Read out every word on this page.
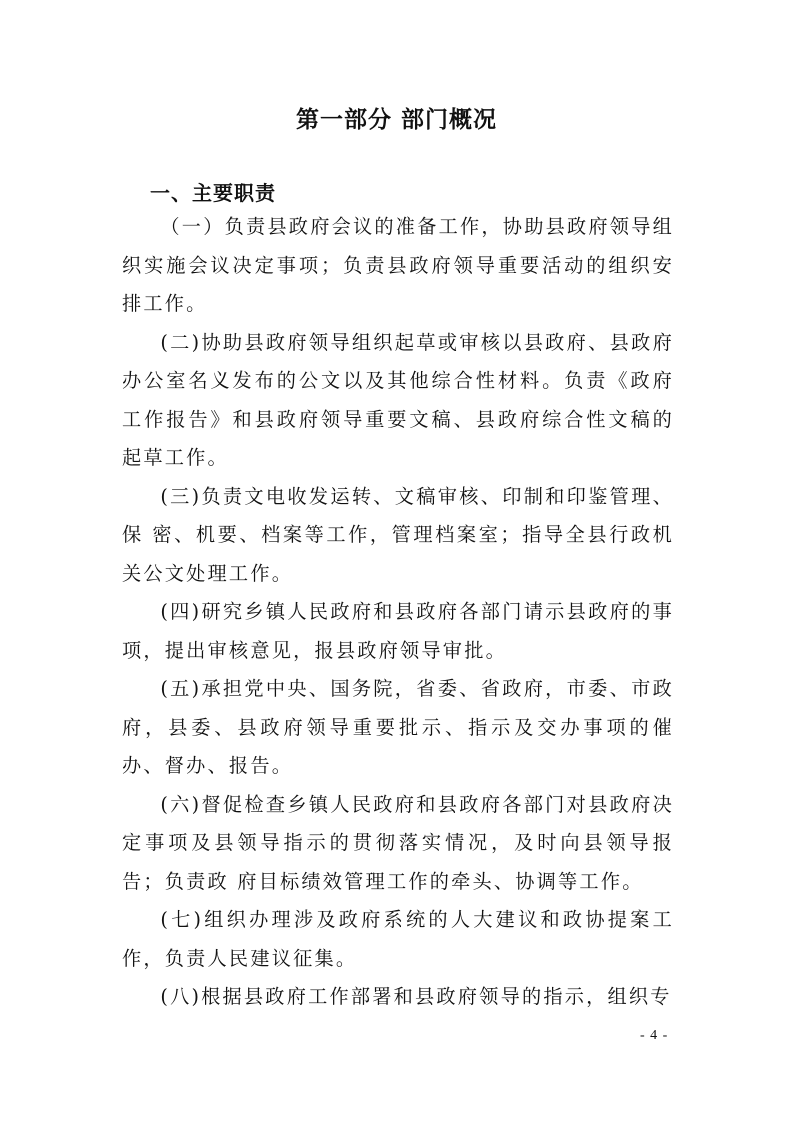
第一部分 部门概况
一、主要职责

（一）负责县政府会议的准备工作，协助县政府领导组织实施会议决定事项；负责县政府领导重要活动的组织安排工作。

(二)协助县政府领导组织起草或审核以县政府、县政府办公室名义发布的公文以及其他综合性材料。负责《政府工作报告》和县政府领导重要文稿、县政府综合性文稿的起草工作。

(三)负责文电收发运转、文稿审核、印制和印鉴管理、保 密、机要、档案等工作，管理档案室；指导全县行政机关公文处理工作。

(四)研究乡镇人民政府和县政府各部门请示县政府的事项，提出审核意见，报县政府领导审批。

(五)承担党中央、国务院，省委、省政府，市委、市政府，县委、县政府领导重要批示、指示及交办事项的催办、督办、报告。

(六)督促检查乡镇人民政府和县政府各部门对县政府决定事项及县领导指示的贯彻落实情况，及时向县领导报告；负责政 府目标绩效管理工作的牵头、协调等工作。

(七)组织办理涉及政府系统的人大建议和政协提案工作，负责人民建议征集。

(八)根据县政府工作部署和县政府领导的指示，组织专

- 4 -
